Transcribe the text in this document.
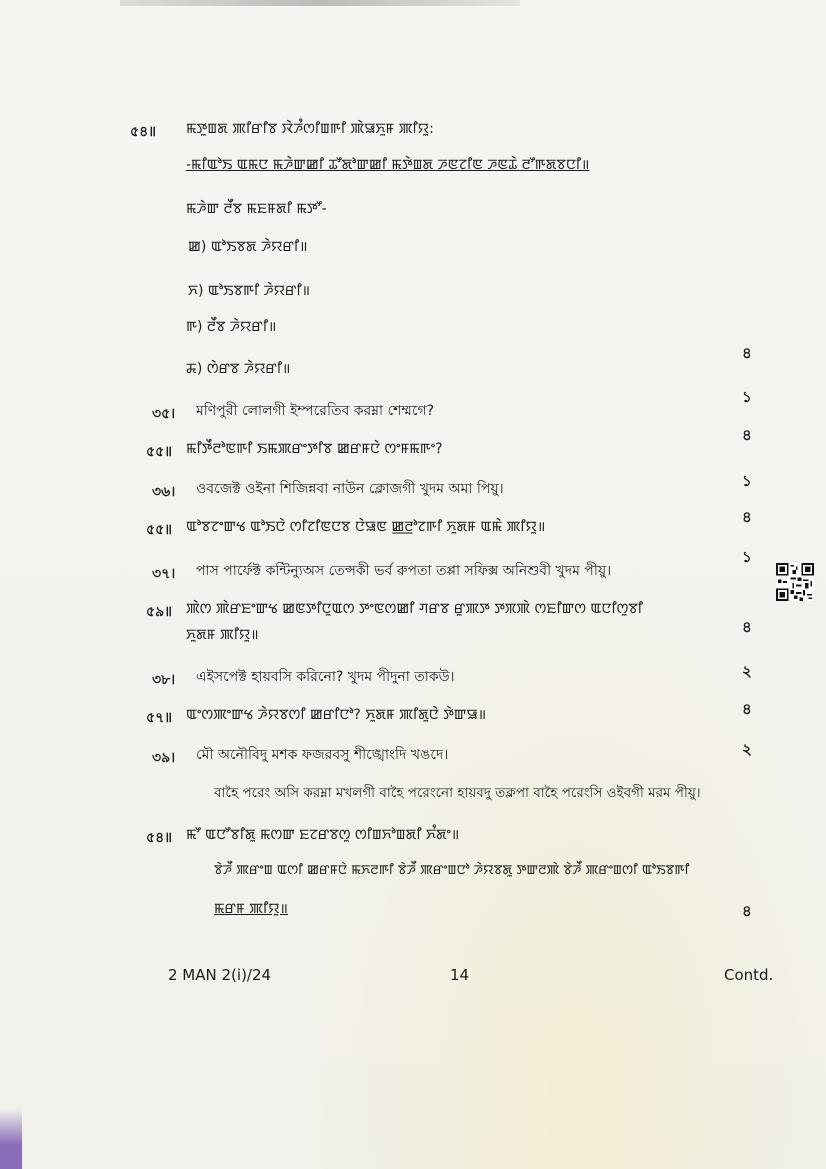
৫৪॥ ꯃꯇꯨꯡꯗ ꯄꯤꯔꯤꯕ ꯋꯥꯍꯪꯁꯤꯡꯒꯤ ꯄꯥꯎꯈꯨꯝ ꯄꯤꯌꯨ:
-ꯃꯤꯑꯣꯏ ꯑꯃꯅ ꯃꯍꯥꯛꯀꯤ ꯊꯧꯗꯣꯛꯀꯤ ꯃꯇꯥꯡꯗ ꯍꯟꯖꯤꯟ ꯍꯟꯊꯥ ꯂꯧꯒꯗꯕꯅꯤ॥
ꯃꯍꯥꯛ ꯂꯩꯕ ꯃꯐꯝꯗꯤ ꯃꯇꯧ-
ꯀ) ꯑꯣꯏꯕꯗ ꯍꯥꯌꯔꯤ॥
ꯈ) ꯑꯣꯏꯕꯒꯤ ꯍꯥꯌꯔꯤ॥
ꯒ) ꯂꯩꯕ ꯍꯥꯌꯔꯤ॥
ꯘ) ꯁꯥꯔꯕ ꯍꯥꯌꯔꯤ॥
৩৫। মণিপুরী লোলগী ইম্পরেতিব করম্না শেম্মগে?
৫৫॥ ꯃꯤꯇꯩꯂꯣꯟꯒꯤ ꯏꯃꯄꯔꯦꯇꯤꯕ ꯀꯔꯝꯅꯥ ꯁꯦꯝꯃꯒꯦ?
৩৬। ওবজেক্ট ওইনা শিজিন্নবা নাউন ক্লোজগী খুদম অমা পিয়ু।
৫৫॥ ꯑꯣꯕꯖꯦꯛꯠ ꯑꯣꯏꯅꯥ ꯁꯤꯖꯤꯟꯅꯕ ꯅꯥꯎꯟ ꯀ꯭ꯂꯣꯖꯒꯤ ꯈꯨꯗꯝ ꯑꯃꯥ ꯄꯤꯌꯨ॥
৩৭। পাস পার্ফেক্ট কন্টিন্যুঅস তেন্সকী ভর্ব রুপতা তপ্পা সফিক্স অনিশুবী খুদম পীয়ু।
৫৯॥ ꯄꯥꯁ ꯄꯥꯔꯐꯦꯛꯠ ꯀꯟꯇꯤꯅꯨꯑꯁ ꯇꯦꯟꯁꯀꯤ ꯚꯔꯕ ꯔꯨꯄꯇ ꯇꯞꯄꯥ ꯁꯐꯤꯛꯁ ꯑꯅꯤꯁꯨꯕꯤ
ꯈꯨꯗꯝ ꯄꯤꯌꯨ॥
৩৮। এইসপেক্ট হায়বসি করিনো? খুদম পীদুনা তাকউ।
৫৭॥ ꯑꯦꯁꯄꯦꯛꯠ ꯍꯥꯌꯕꯁꯤ ꯀꯔꯤꯅꯣ? ꯈꯨꯗꯝ ꯄꯤꯗꯨꯅꯥ ꯇꯥꯛꯎ॥
৩৯। মৌ অনৌবিদু মশক ফজরবসু শীঙ্খোংদি খঙদে।
বাহৈ পরেং অসি করম্না মখলগী বাহৈ পরেংনো হায়বদু তক্লপা বাহৈ পরেংসি ওইবগী মরম পীয়ু।
৫৪॥ ꯃꯧ ꯑꯅꯧꯕꯤꯗꯨ ꯃꯁꯛ ꯐꯖꯔꯕꯁꯨ ꯁꯤꯡꯈꯣꯡꯗꯤ ꯈꯪꯗꯦ॥
ꯕꯥꯍꯩ ꯄꯔꯦꯡ ꯑꯁꯤ ꯀꯔꯝꯅꯥ ꯃꯈꯂꯒꯤ ꯕꯥꯍꯩ ꯄꯔꯦꯡꯅꯣ ꯍꯥꯌꯕꯗꯨ ꯇꯛꯂꯄꯥ ꯕꯥꯍꯩ ꯄꯔꯦꯡꯁꯤ ꯑꯣꯏꯕꯒꯤ
ꯃꯔꯝ ꯄꯤꯌꯨ॥
৪
১
৪
১
৪
১
৪
২
৪
২
৪
2 MAN 2(i)/24	14	Contd.
